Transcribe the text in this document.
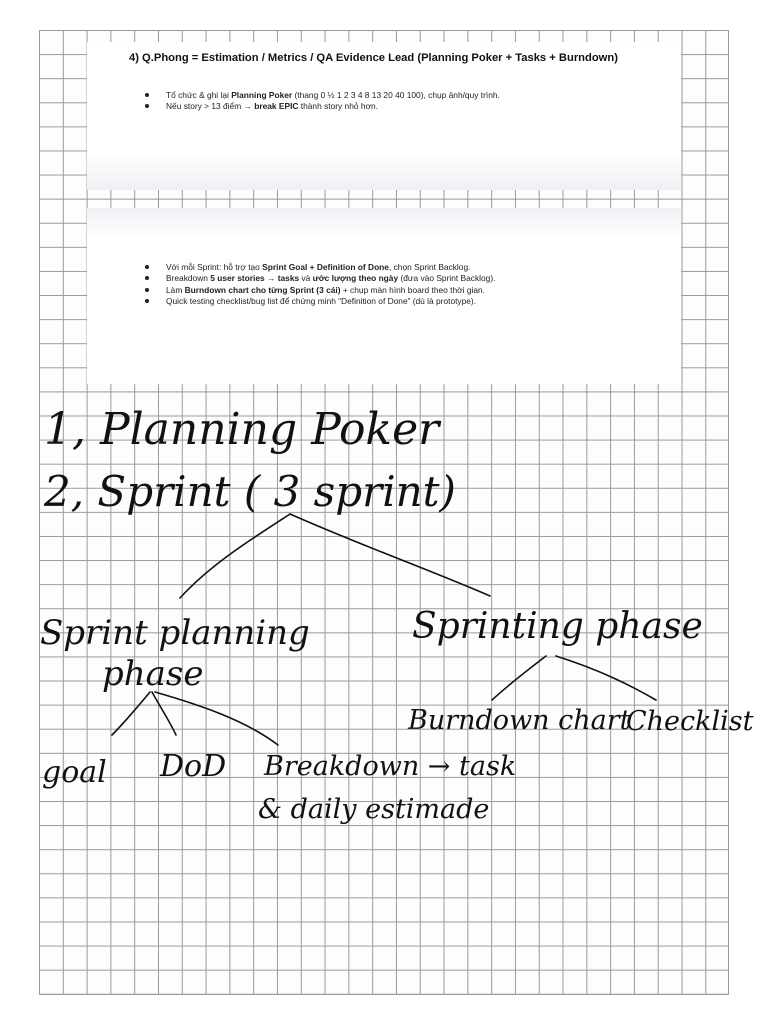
4) Q.Phong = Estimation / Metrics / QA Evidence Lead (Planning Poker + Tasks + Burndown)
Tổ chức & ghi lại Planning Poker (thang 0 ½ 1 2 3 4 8 13 20 40 100), chụp ảnh/quy trình.
Nếu story > 13 điểm → break EPIC thành story nhỏ hơn.
Với mỗi Sprint: hỗ trợ tạo Sprint Goal + Definition of Done, chọn Sprint Backlog.
Breakdown 5 user stories → tasks và ước lượng theo ngày (đưa vào Sprint Backlog).
Làm Burndown chart cho từng Sprint (3 cái) + chụp màn hình board theo thời gian.
Quick testing checklist/bug list để chứng minh “Definition of Done” (dù là prototype).
1, Planning Poker
2, Sprint ( 3 sprint)
Sprint planning
phase
Sprinting phase
goal DoD Breakdown → task
& daily estimade
Burndown chart
Checklist
